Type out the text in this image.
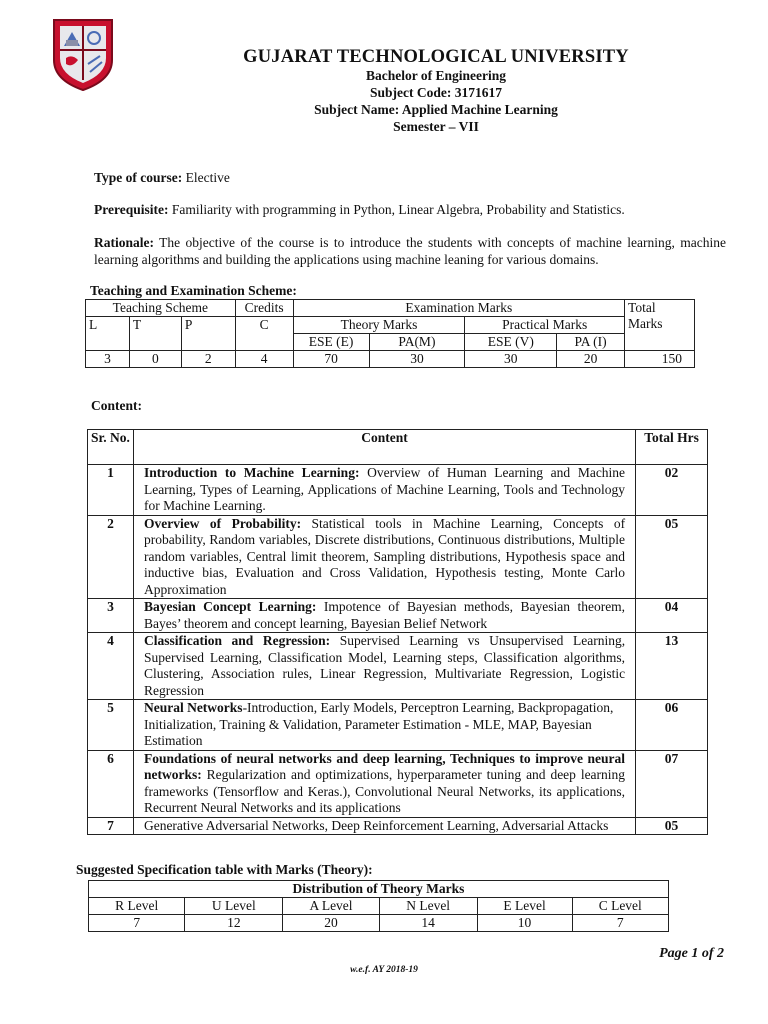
GUJARAT TECHNOLOGICAL UNIVERSITY
Bachelor of Engineering
Subject Code: 3171617
Subject Name: Applied Machine Learning
Semester – VII
Type of course: Elective
Prerequisite: Familiarity with programming in Python, Linear Algebra, Probability and Statistics.
Rationale: The objective of the course is to introduce the students with concepts of machine learning, machine learning algorithms and building the applications using machine leaning for various domains.
Teaching and Examination Scheme:
Teaching Scheme			Credits	Examination Marks				Total Marks
L	T	P	C	Theory Marks		Practical Marks		
				ESE (E)	PA(M)	ESE (V)	PA (I)	
3	0	2	4	70	30	30	20	150
Content:
Sr. No.	Content	Total Hrs
1	Introduction to Machine Learning: Overview of Human Learning and Machine Learning, Types of Learning, Applications of Machine Learning, Tools and Technology for Machine Learning.	02
2	Overview of Probability: Statistical tools in Machine Learning, Concepts of probability, Random variables, Discrete distributions, Continuous distributions, Multiple random variables, Central limit theorem, Sampling distributions, Hypothesis space and inductive bias, Evaluation and Cross Validation, Hypothesis testing, Monte Carlo Approximation	05
3	Bayesian Concept Learning: Impotence of Bayesian methods, Bayesian theorem, Bayes’ theorem and concept learning, Bayesian Belief Network	04
4	Classification and Regression: Supervised Learning vs Unsupervised Learning, Supervised Learning, Classification Model, Learning steps, Classification algorithms, Clustering, Association rules, Linear Regression, Multivariate Regression, Logistic Regression	13
5	Neural Networks-Introduction, Early Models, Perceptron Learning, Backpropagation, Initialization, Training & Validation, Parameter Estimation - MLE, MAP, Bayesian Estimation	06
6	Foundations of neural networks and deep learning, Techniques to improve neural networks: Regularization and optimizations, hyperparameter tuning and deep learning frameworks (Tensorflow and Keras.), Convolutional Neural Networks, its applications, Recurrent Neural Networks and its applications	07
7	Generative Adversarial Networks, Deep Reinforcement Learning, Adversarial Attacks	05
Suggested Specification table with Marks (Theory):
Distribution of Theory Marks					
R Level	U Level	A Level	N Level	E Level	C Level
7	12	20	14	10	7
Page 1 of 2
w.e.f. AY 2018-19
